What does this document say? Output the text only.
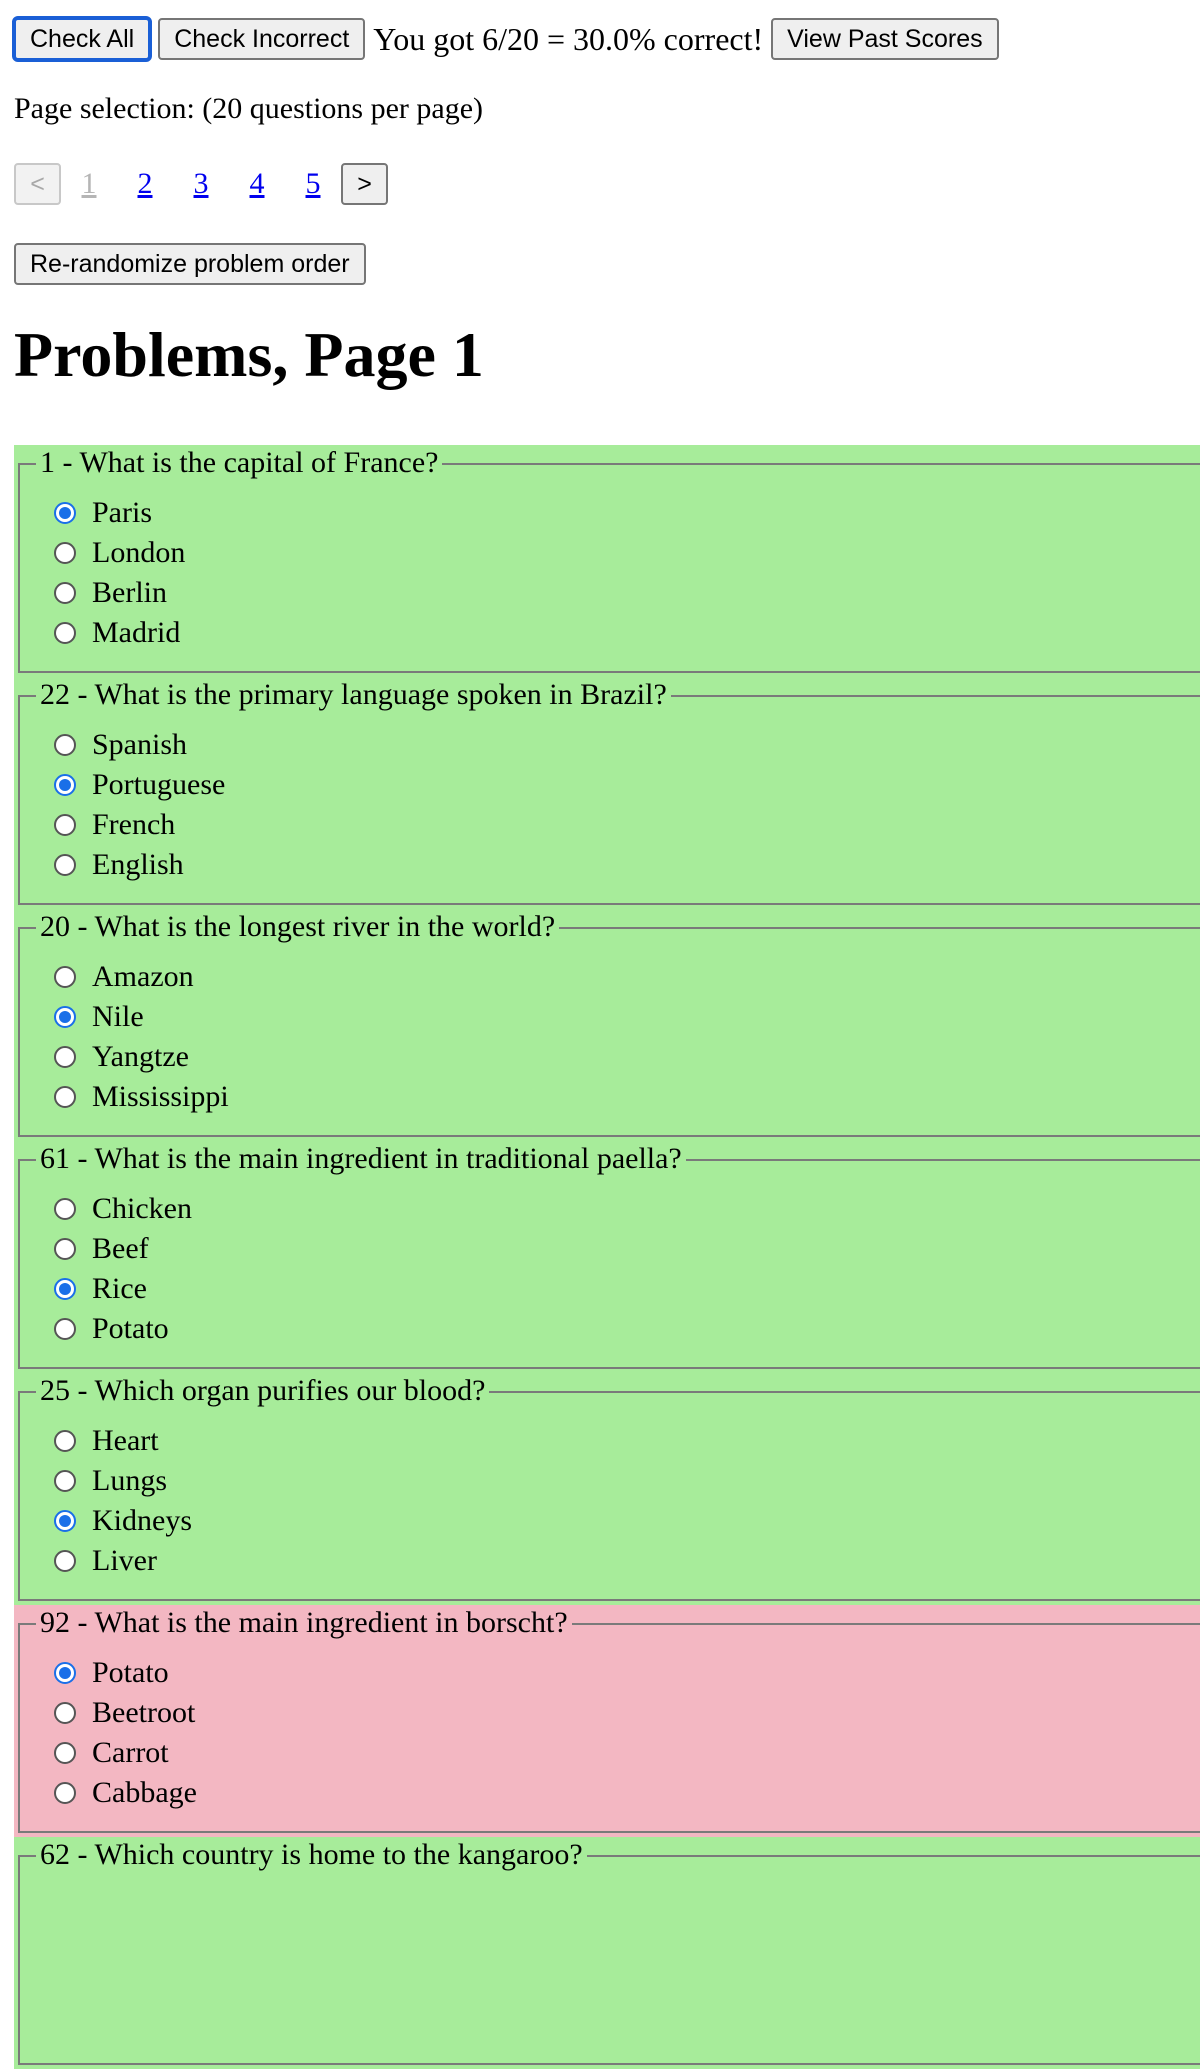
Check All	Check Incorrect You got 6/20 = 30.0% correct! View Past Scores
Page selection: (20 questions per page)
<	1	2	3	4	5	>
Re-randomize problem order
Problems, Page 1
1 - What is the capital of France?
Paris
London
Berlin
Madrid
22 - What is the primary language spoken in Brazil?
Spanish
Portuguese
French
English
20 - What is the longest river in the world?
Amazon
Nile
Yangtze
Mississippi
61 - What is the main ingredient in traditional paella?
Chicken
Beef
Rice
Potato
25 - Which organ purifies our blood?
Heart
Lungs
Kidneys
Liver
92 - What is the main ingredient in borscht?
Potato
Beetroot
Carrot
Cabbage
62 - Which country is home to the kangaroo?
